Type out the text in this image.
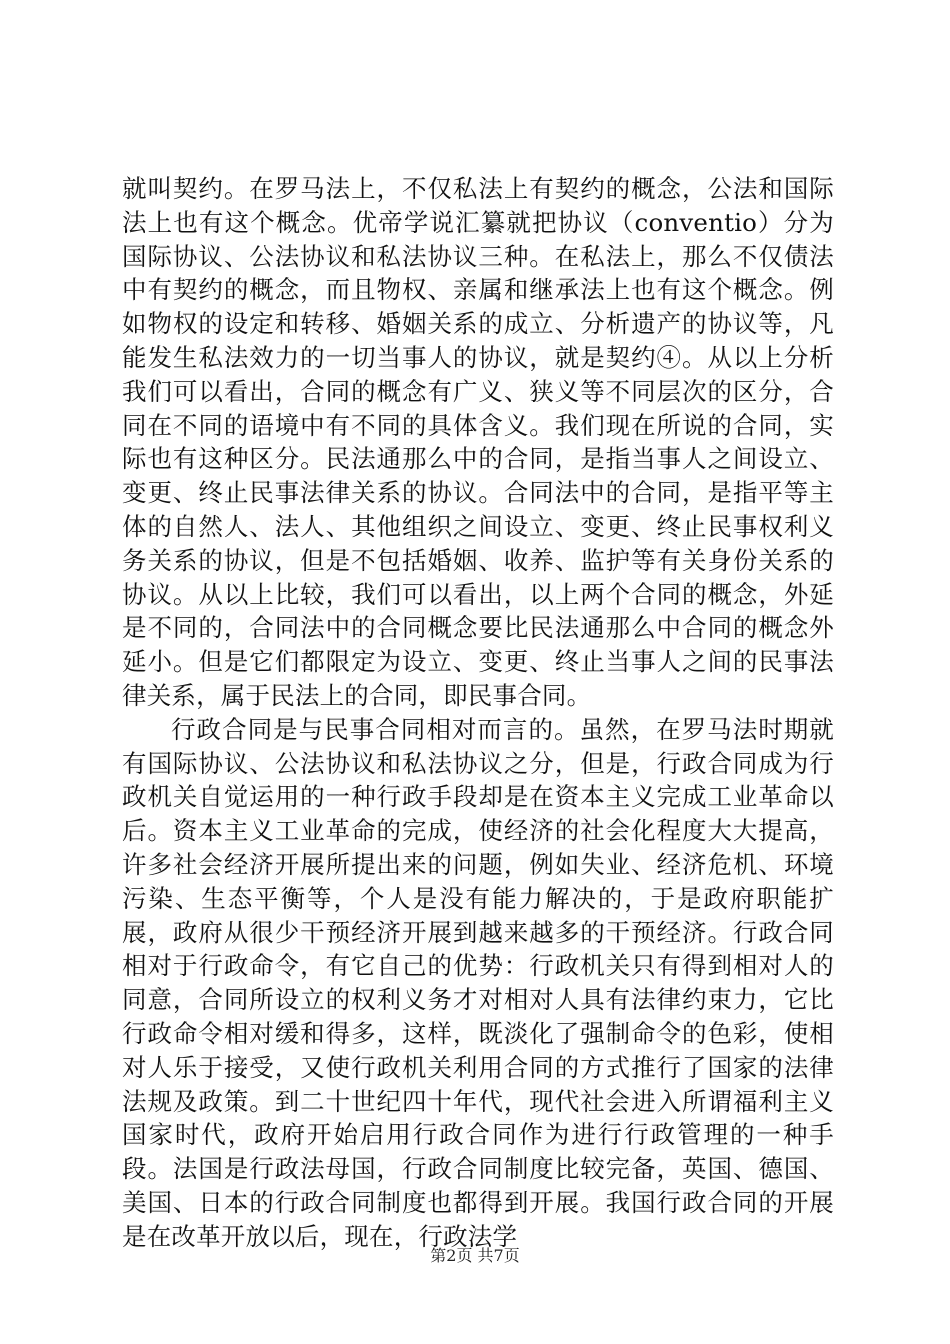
就叫契约。在罗马法上，不仅私法上有契约的概念，公法和国际法上也有这个概念。优帝学说汇纂就把协议（conventio）分为国际协议、公法协议和私法协议三种。在私法上，那么不仅债法中有契约的概念，而且物权、亲属和继承法上也有这个概念。例如物权的设定和转移、婚姻关系的成立、分析遗产的协议等，凡能发生私法效力的一切当事人的协议，就是契约④。从以上分析我们可以看出，合同的概念有广义、狭义等不同层次的区分，合同在不同的语境中有不同的具体含义。我们现在所说的合同，实际也有这种区分。民法通那么中的合同，是指当事人之间设立、变更、终止民事法律关系的协议。合同法中的合同，是指平等主体的自然人、法人、其他组织之间设立、变更、终止民事权利义务关系的协议，但是不包括婚姻、收养、监护等有关身份关系的协议。从以上比较，我们可以看出，以上两个合同的概念，外延是不同的，合同法中的合同概念要比民法通那么中合同的概念外延小。但是它们都限定为设立、变更、终止当事人之间的民事法律关系，属于民法上的合同，即民事合同。

行政合同是与民事合同相对而言的。虽然，在罗马法时期就有国际协议、公法协议和私法协议之分，但是，行政合同成为行政机关自觉运用的一种行政手段却是在资本主义完成工业革命以后。资本主义工业革命的完成，使经济的社会化程度大大提高，许多社会经济开展所提出来的问题，例如失业、经济危机、环境污染、生态平衡等，个人是没有能力解决的，于是政府职能扩展，政府从很少干预经济开展到越来越多的干预经济。行政合同相对于行政命令，有它自己的优势：行政机关只有得到相对人的同意，合同所设立的权利义务才对相对人具有法律约束力，它比行政命令相对缓和得多，这样，既淡化了强制命令的色彩，使相对人乐于接受，又使行政机关利用合同的方式推行了国家的法律法规及政策。到二十世纪四十年代，现代社会进入所谓福利主义国家时代，政府开始启用行政合同作为进行行政管理的一种手段。法国是行政法母国，行政合同制度比较完备，英国、德国、美国、日本的行政合同制度也都得到开展。我国行政合同的开展是在改革开放以后，现在，行政法学

第2页 共7页
